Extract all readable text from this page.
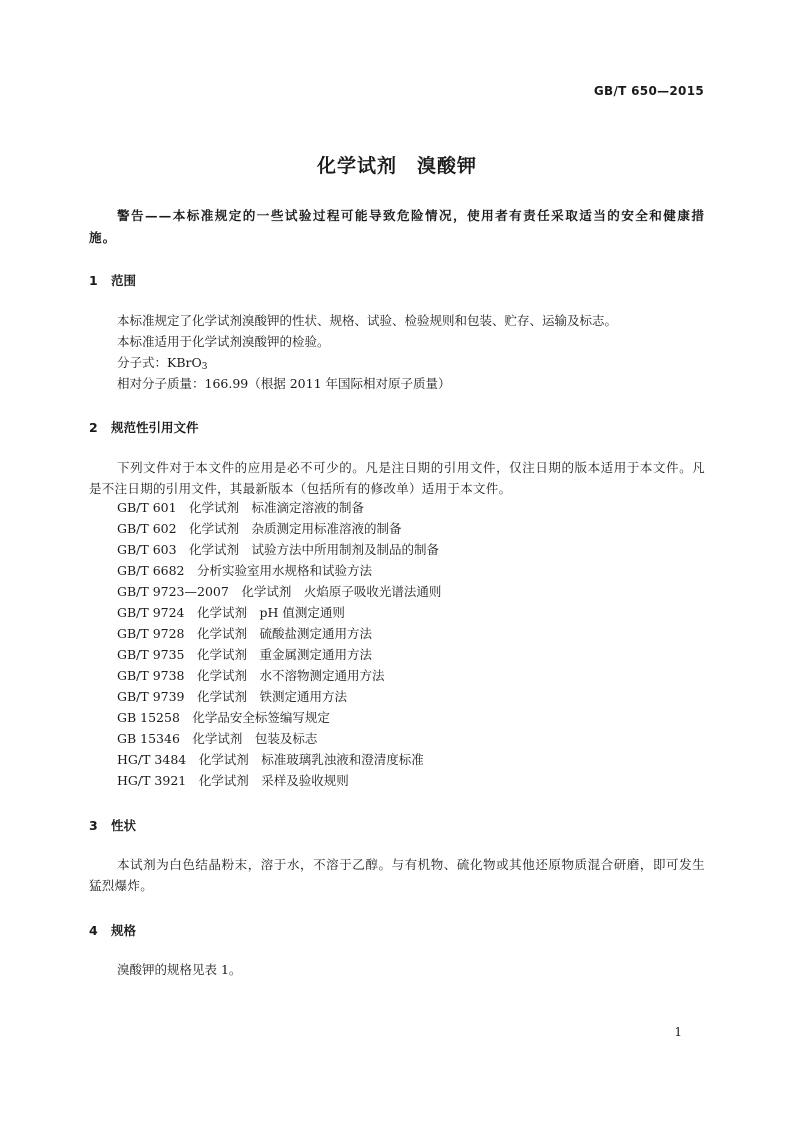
GB/T 650—2015
化学试剂　溴酸钾
警告——本标准规定的一些试验过程可能导致危险情况，使用者有责任采取适当的安全和健康措施。
1 范围
本标准规定了化学试剂溴酸钾的性状、规格、试验、检验规则和包装、贮存、运输及标志。
本标准适用于化学试剂溴酸钾的检验。
分子式：KBrO$_3$
相对分子质量：166.99（根据 2011 年国际相对原子质量）
2 规范性引用文件
下列文件对于本文件的应用是必不可少的。凡是注日期的引用文件，仅注日期的版本适用于本文件。凡是不注日期的引用文件，其最新版本（包括所有的修改单）适用于本文件。
GB/T 601　化学试剂　标准滴定溶液的制备
GB/T 602　化学试剂　杂质测定用标准溶液的制备
GB/T 603　化学试剂　试验方法中所用制剂及制品的制备
GB/T 6682　分析实验室用水规格和试验方法
GB/T 9723—2007　化学试剂　火焰原子吸收光谱法通则
GB/T 9724　化学试剂　pH 值测定通则
GB/T 9728　化学试剂　硫酸盐测定通用方法
GB/T 9735　化学试剂　重金属测定通用方法
GB/T 9738　化学试剂　水不溶物测定通用方法
GB/T 9739　化学试剂　铁测定通用方法
GB 15258　化学品安全标签编写规定
GB 15346　化学试剂　包装及标志
HG/T 3484　化学试剂　标准玻璃乳浊液和澄清度标准
HG/T 3921　化学试剂　采样及验收规则
3 性状
本试剂为白色结晶粉末，溶于水，不溶于乙醇。与有机物、硫化物或其他还原物质混合研磨，即可发生猛烈爆炸。
4 规格
溴酸钾的规格见表 1。
1
